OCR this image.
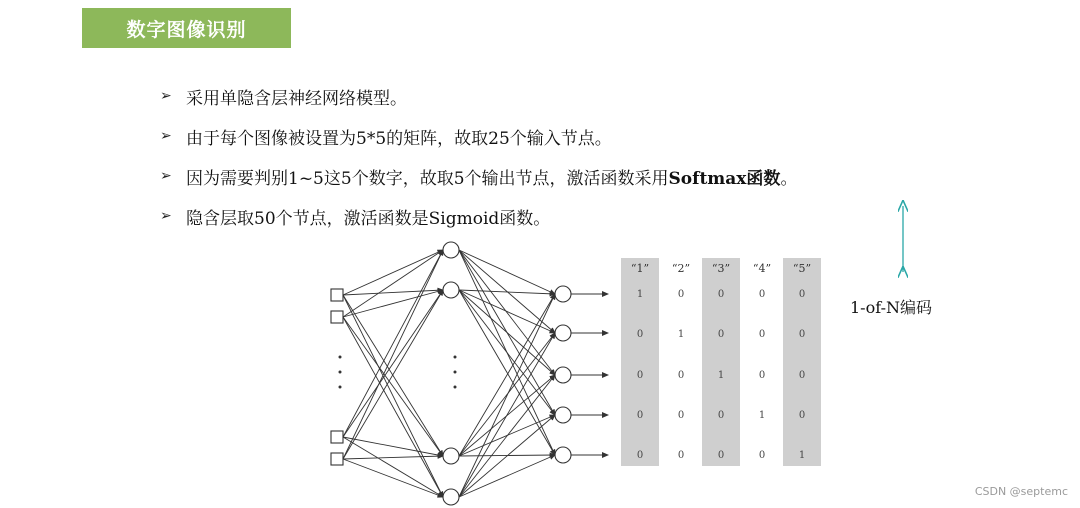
数字图像识别
➢ 采用单隐含层神经网络模型。
➢ 由于每个图像被设置为5*5的矩阵，故取25个输入节点。
➢ 因为需要判别1~5这5个数字，故取5个输出节点，激活函数采用 Softmax函数 。
➢ 隐含层取50个节点，激活函数是Sigmoid函数。
“1” “2” “3” “4” “5”
1	0	0	0	0
0	1	0	0	0
0	0	1	0	0
0	0	0	1	0
0	0	0	0	1
1-of-N编码
CSDN @septemc
